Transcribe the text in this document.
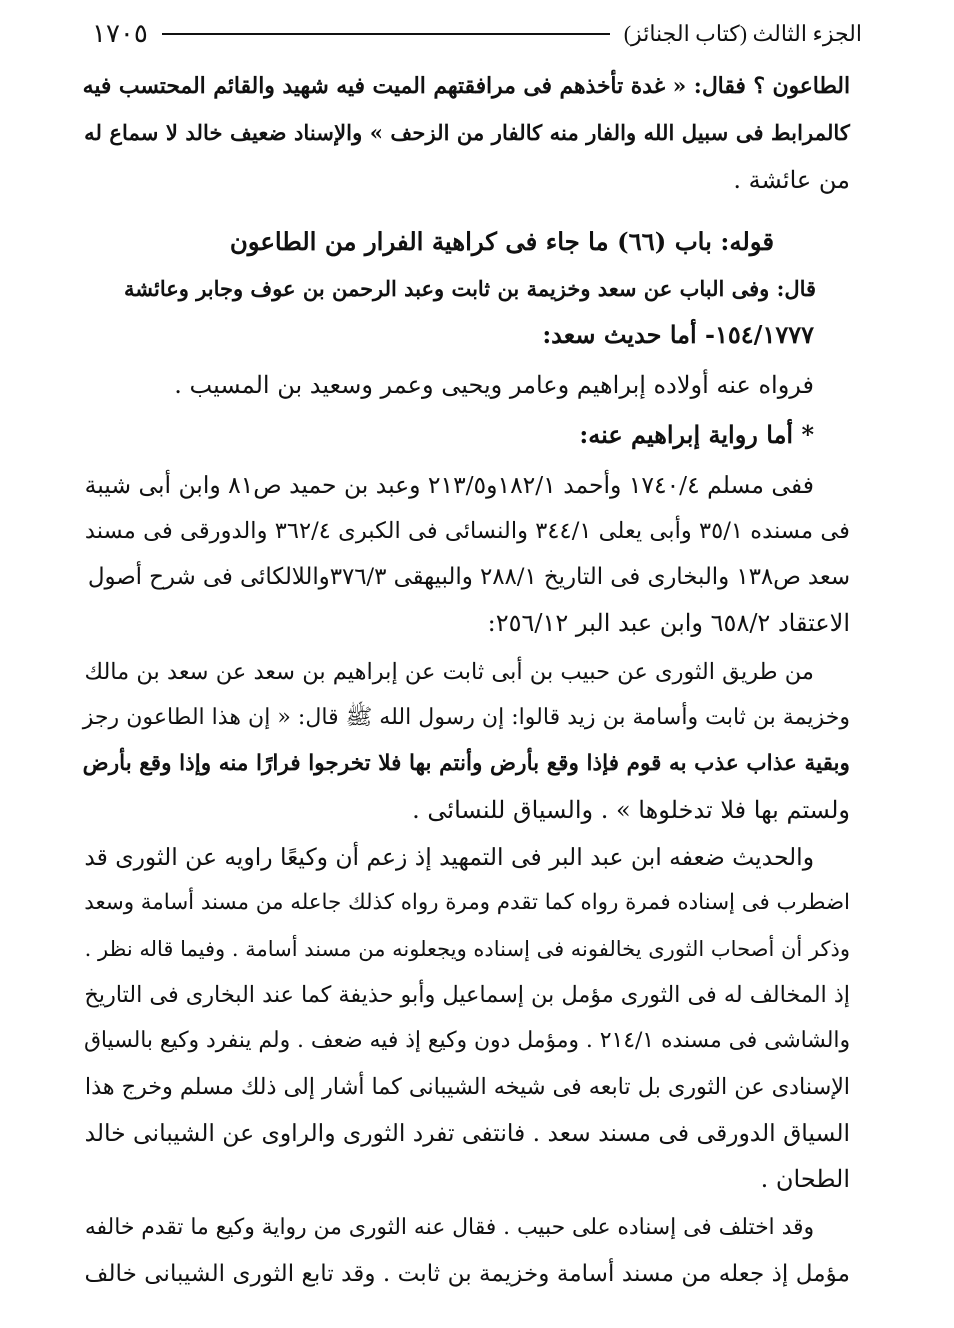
الجزء الثالث (كتاب الجنائز)
١٧٠٥
الطاعون ؟ فقال: « غدة تأخذهم فى مرافقتهم الميت فيه شهيد والقائم المحتسب فيه
كالمرابط فى سبيل الله والفار منه كالفار من الزحف » والإسناد ضعيف خالد لا سماع له
من عائشة .
قوله: باب (٦٦) ما جاء فى كراهية الفرار من الطاعون
قال: وفى الباب عن سعد وخزيمة بن ثابت وعبد الرحمن بن عوف وجابر وعائشة
١٥٤/١٧٧٧- أما حديث سعد:
فرواه عنه أولاده إبراهيم وعامر ويحيى وعمر وسعيد بن المسيب .
* أما رواية إبراهيم عنه:
ففى مسلم ١٧٤٠/٤ وأحمد ١٨٢/١و٢١٣/٥ وعبد بن حميد ص٨١ وابن أبى شيبة
فى مسنده ٣٥/١ وأبى يعلى ٣٤٤/١ والنسائى فى الكبرى ٣٦٢/٤ والدورقى فى مسند
سعد ص١٣٨ والبخارى فى التاريخ ٢٨٨/١ والبيهقى ٣٧٦/٣واللالكائى فى شرح أصول
الاعتقاد ٦٥٨/٢ وابن عبد البر ٢٥٦/١٢:
من طريق الثورى عن حبيب بن أبى ثابت عن إبراهيم بن سعد عن سعد بن مالك
وخزيمة بن ثابت وأسامة بن زيد قالوا: إن رسول الله ﷺ قال: « إن هذا الطاعون رجز
وبقية عذاب عذب به قوم فإذا وقع بأرض وأنتم بها فلا تخرجوا فرارًا منه وإذا وقع بأرض
ولستم بها فلا تدخلوها » . والسياق للنسائى .
والحديث ضعفه ابن عبد البر فى التمهيد إذ زعم أن وكيعًا راويه عن الثورى قد
اضطرب فى إسناده فمرة رواه كما تقدم ومرة رواه كذلك جاعله من مسند أسامة وسعد
وذكر أن أصحاب الثورى يخالفونه فى إسناده ويجعلونه من مسند أسامة . وفيما قاله نظر .
إذ المخالف له فى الثورى مؤمل بن إسماعيل وأبو حذيفة كما عند البخارى فى التاريخ
والشاشى فى مسنده ٢١٤/١ . ومؤمل دون وكيع إذ فيه ضعف . ولم ينفرد وكيع بالسياق
الإسنادى عن الثورى بل تابعه فى شيخه الشيبانى كما أشار إلى ذلك مسلم وخرج هذا
السياق الدورقى فى مسند سعد . فانتفى تفرد الثورى والراوى عن الشيبانى خالد
الطحان .
وقد اختلف فى إسناده على حبيب . فقال عنه الثورى من رواية وكيع ما تقدم خالفه
مؤمل إذ جعله من مسند أسامة وخزيمة بن ثابت . وقد تابع الثورى الشيبانى خالف
